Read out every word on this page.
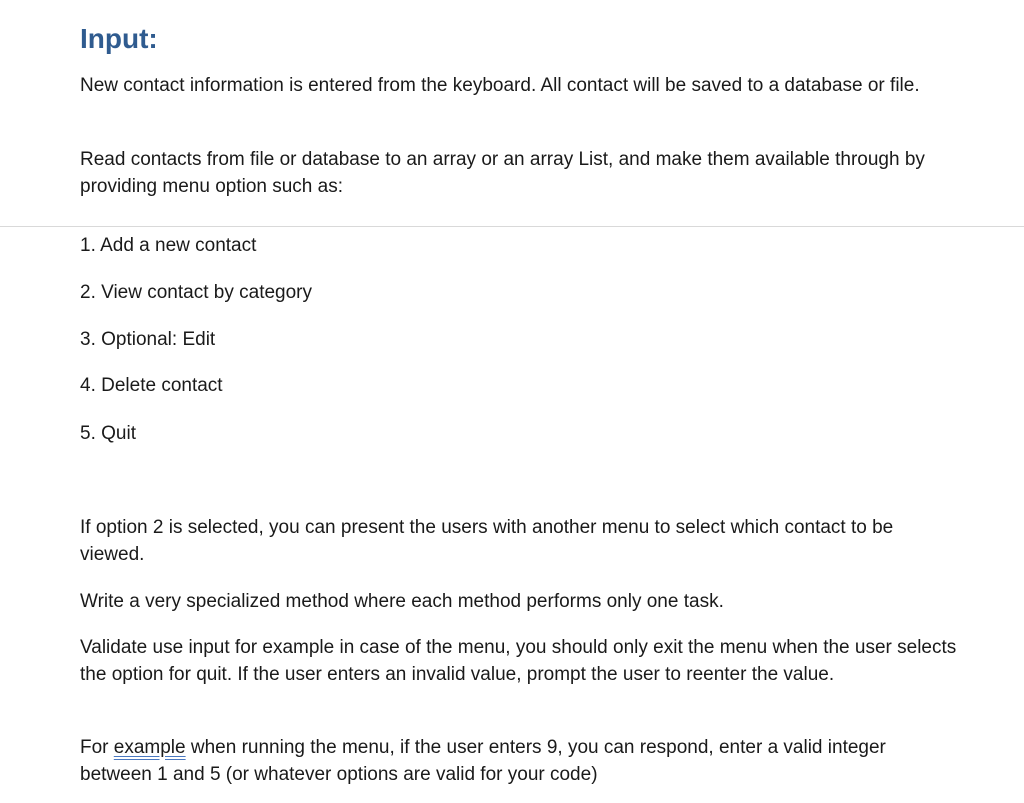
Input:

New contact information is entered from the keyboard. All contact will be saved to a database or file.

Read contacts from file or database to an array or an array List, and make them available through by providing menu option such as:

1. Add a new contact

2. View contact by category

3. Optional: Edit

4. Delete contact

5. Quit

If option 2 is selected, you can present the users with another menu to select which contact to be viewed.

Write a very specialized method where each method performs only one task.

Validate use input for example in case of the menu, you should only exit the menu when the user selects the option for quit. If the user enters an invalid value, prompt the user to reenter the value.

For example when running the menu, if the user enters 9, you can respond, enter a valid integer between 1 and 5 (or whatever options are valid for your code)
